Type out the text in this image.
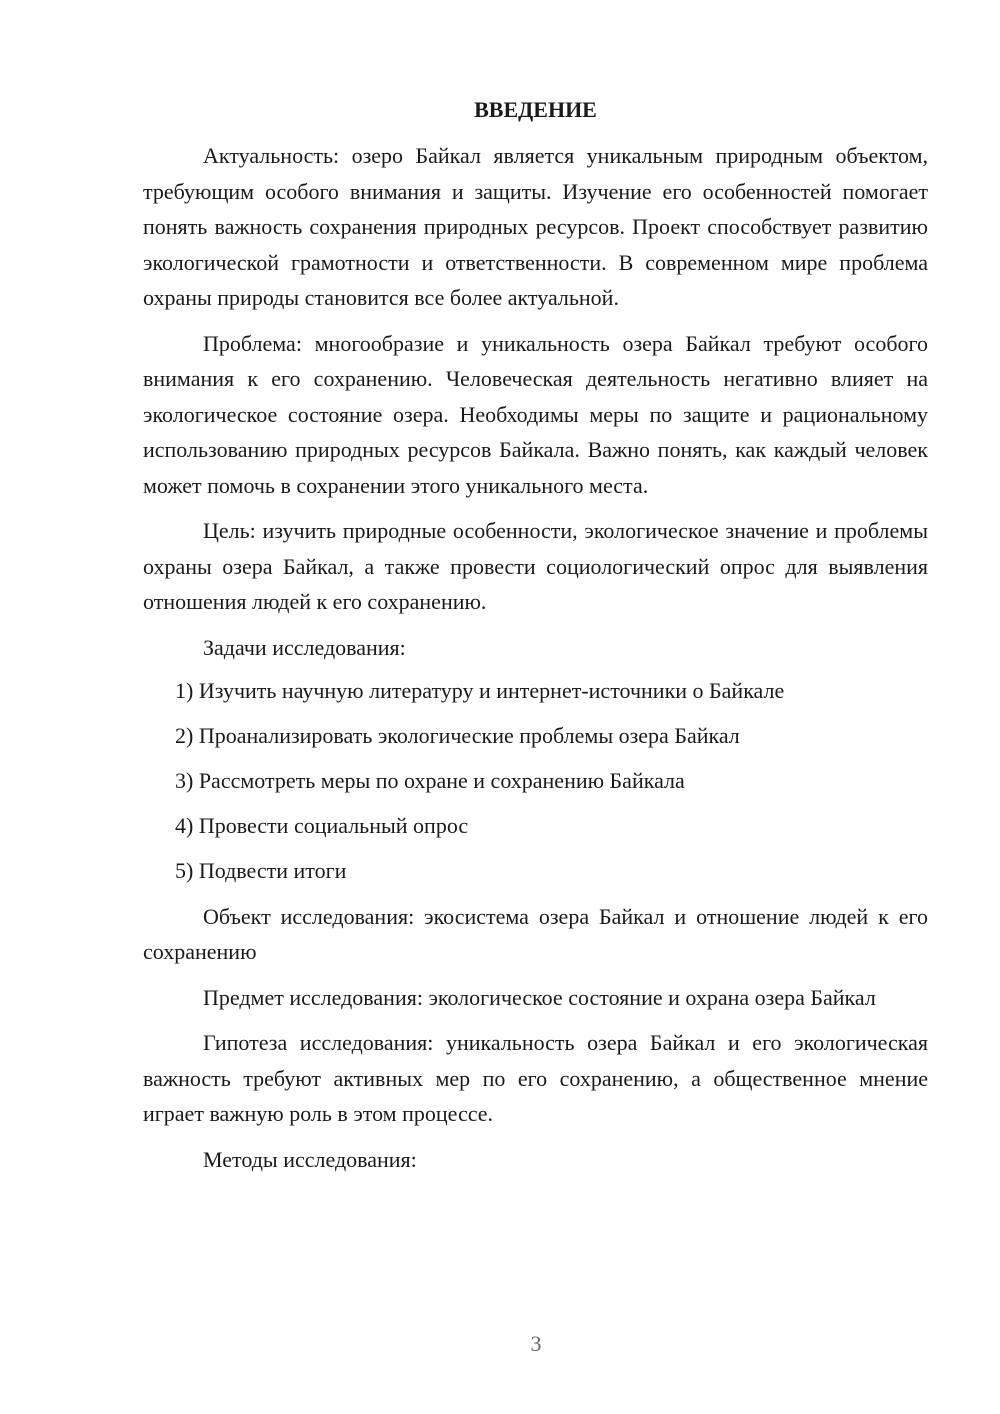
ВВЕДЕНИЕ

Актуальность: озеро Байкал является уникальным природным объектом, требующим особого внимания и защиты. Изучение его особенностей помогает понять важность сохранения природных ресурсов. Проект способствует развитию экологической грамотности и ответственности. В современном мире проблема охраны природы становится все более актуальной.

Проблема: многообразие и уникальность озера Байкал требуют особого внимания к его сохранению. Человеческая деятельность негативно влияет на экологическое состояние озера. Необходимы меры по защите и рациональному использованию природных ресурсов Байкала. Важно понять, как каждый человек может помочь в сохранении этого уникального места.

Цель: изучить природные особенности, экологическое значение и проблемы охраны озера Байкал, а также провести социологический опрос для выявления отношения людей к его сохранению.

Задачи исследования:

1) Изучить научную литературу и интернет-источники о Байкале
2) Проанализировать экологические проблемы озера Байкал
3) Рассмотреть меры по охране и сохранению Байкала
4) Провести социальный опрос
5) Подвести итоги

Объект исследования: экосистема озера Байкал и отношение людей к его сохранению

Предмет исследования: экологическое состояние и охрана озера Байкал

Гипотеза исследования: уникальность озера Байкал и его экологическая важность требуют активных мер по его сохранению, а общественное мнение играет важную роль в этом процессе.

Методы исследования:

3
